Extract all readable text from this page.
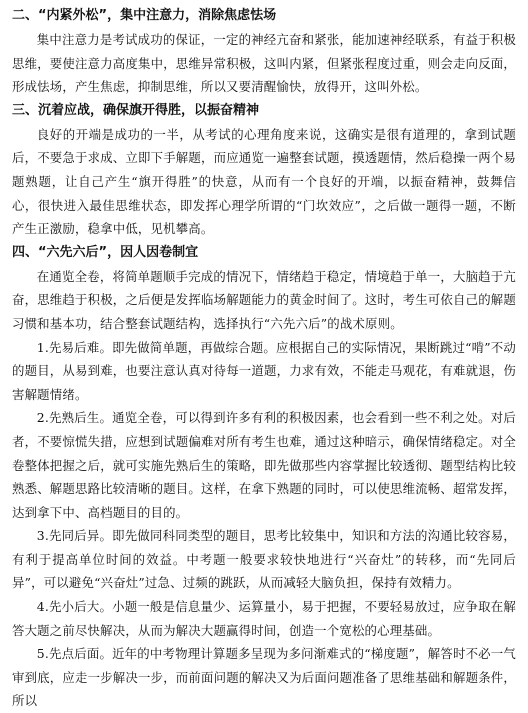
二、“内紧外松”，集中注意力，消除焦虑怯场

集中注意力是考试成功的保证，一定的神经亢奋和紧张，能加速神经联系，有益于积极思维，要使注意力高度集中，思维异常积极，这叫内紧，但紧张程度过重，则会走向反面，形成怯场，产生焦虑，抑制思维，所以又要清醒愉快，放得开，这叫外松。

三、沉着应战，确保旗开得胜，以振奋精神

良好的开端是成功的一半，从考试的心理角度来说，这确实是很有道理的，拿到试题后，不要急于求成、立即下手解题，而应通览一遍整套试题，摸透题情，然后稳操一两个易题熟题，让自己产生“旗开得胜”的快意，从而有一个良好的开端，以振奋精神，鼓舞信心，很快进入最佳思维状态，即发挥心理学所谓的“门坎效应”，之后做一题得一题，不断产生正激励，稳拿中低，见机攀高。

四、“六先六后”，因人因卷制宜

在通览全卷，将简单题顺手完成的情况下，情绪趋于稳定，情境趋于单一，大脑趋于亢奋，思维趋于积极，之后便是发挥临场解题能力的黄金时间了。这时，考生可依自己的解题习惯和基本功，结合整套试题结构，选择执行“六先六后”的战术原则。

1.先易后难。即先做简单题，再做综合题。应根据自己的实际情况，果断跳过“啃”不动的题目，从易到难，也要注意认真对待每一道题，力求有效，不能走马观花，有难就退，伤害解题情绪。

2.先熟后生。通览全卷，可以得到许多有利的积极因素，也会看到一些不利之处。对后者，不要惊慌失措，应想到试题偏难对所有考生也难，通过这种暗示，确保情绪稳定。对全卷整体把握之后，就可实施先熟后生的策略，即先做那些内容掌握比较透彻、题型结构比较熟悉、解题思路比较清晰的题目。这样，在拿下熟题的同时，可以使思维流畅、超常发挥，达到拿下中、高档题目的目的。

3.先同后异。即先做同科同类型的题目，思考比较集中，知识和方法的沟通比较容易，有利于提高单位时间的效益。中考题一般要求较快地进行“兴奋灶”的转移，而“先同后异”，可以避免“兴奋灶”过急、过频的跳跃，从而减轻大脑负担，保持有效精力。

4.先小后大。小题一般是信息量少、运算量小，易于把握，不要轻易放过，应争取在解答大题之前尽快解决，从而为解决大题赢得时间，创造一个宽松的心理基础。

5.先点后面。近年的中考物理计算题多呈现为多问渐难式的“梯度题”，解答时不必一气审到底，应走一步解决一步，而前面问题的解决又为后面问题准备了思维基础和解题条件，所以
